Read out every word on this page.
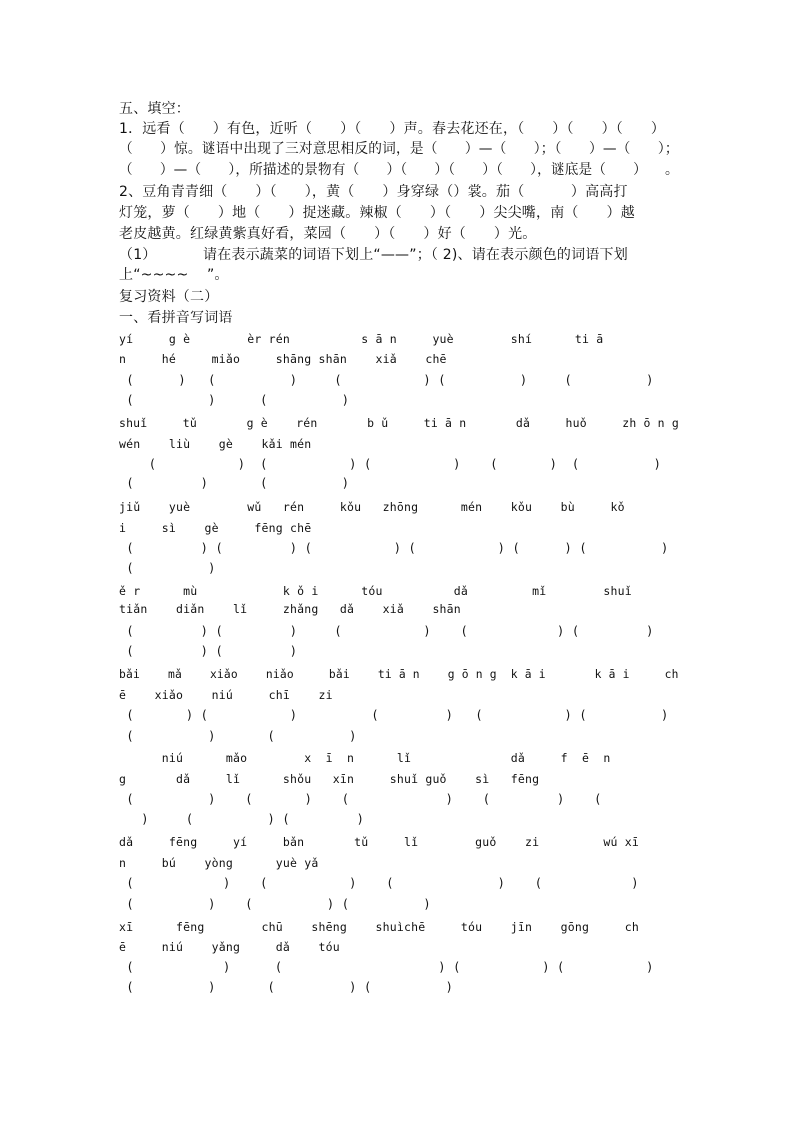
五、填空：
1．远看（      ）有色，近听（      ）（      ）声。春去花还在，（      ）（      ）（      ）
（      ）惊。谜语中出现了三对意思相反的词，是（      ）—（      ）；（      ）—（      ）；
（      ）—（      ），所描述的景物有（      ）（      ）（      ）（      ），谜底是（      ）    。
2、豆角青青细（      ）（      ），黄（      ）身穿绿（）裳。茄（          ）高高打
灯笼，萝（      ）地（      ）捉迷藏。辣椒（      ）（      ）尖尖嘴，南（      ）越
老皮越黄。红绿黄紫真好看，菜园（      ）（      ）好（      ）光。
（1）          请在表示蔬菜的词语下划上“——”；（ 2)、请在表示颜色的词语下划
上“~~~~    ”。
复习资料（二）
一、看拼音写词语
yí     g è        èr rén          s ā n     yuè        shí      ti ā
n     hé     miǎo     shāng shān    xiǎ    chē
(      )   (          )     (           ) (          )     (          )
(          )      (          )
shuǐ     tǔ       g è    rén       b ǔ     ti ā n       dǎ     huǒ     zh ō n g
wén    liù    gè    kǎi mén
(           )  (           ) (           )    (       )  (          )
(         )       (          )
jiǔ    yuè        wǔ   rén     kǒu   zhōng      mén    kǒu    bù     kǒ
i     sì    gè     fēng chē
(         ) (         ) (           ) (           ) (      ) (          )
(          )
ě r      mù            k ǒ i      tóu          dǎ         mǐ        shuǐ
tiǎn    diǎn    lǐ     zhǎng   dǎ    xiǎ    shān
(         ) (         )     (           )    (            ) (         )
(         ) (         )
bǎi    mǎ    xiǎo    niǎo     bǎi    ti ā n    g ō n g  k ā i       k ā i     ch
ē    xiǎo    niú     chī    zi
(       ) (           )          (         )   (           ) (          )
(          )       (          )
niú      mǎo        x  ī  n      lǐ              dǎ     f  ē  n
g       dǎ     lǐ      shǒu   xīn     shuǐ guǒ    sì   fēng
(          )    (       )    (             )    (         )    (
)     (          ) (         )
dǎ     fēng     yí     bǎn       tǔ     lǐ        guǒ    zi         wú xī
n     bú    yòng      yuè yǎ
(            )    (           )    (              )    (            )
(          )    (          ) (          )
xī      fēng        chū    shēng    shuìchē     tóu    jīn    gōng     ch
ē     niú    yǎng     dǎ    tóu
(            )      (                     ) (           ) (           )
(          )       (          ) (          )
